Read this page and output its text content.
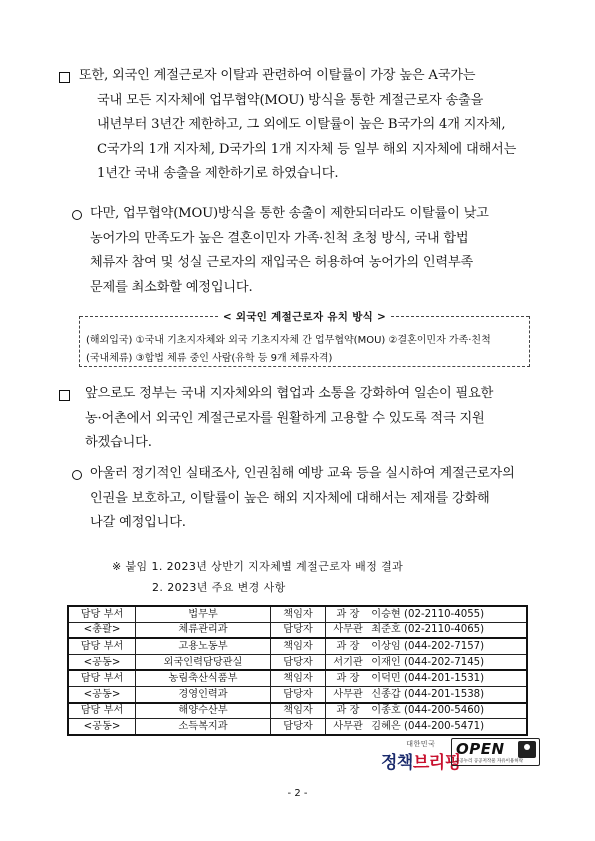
또한, 외국인 계절근로자 이탈과 관련하여 이탈률이 가장 높은 A국가는

국내 모든 지자체에 업무협약(MOU) 방식을 통한 계절근로자 송출을

내년부터 3년간 제한하고, 그 외에도 이탈률이 높은 B국가의 4개 지자체,

C국가의 1개 지자체, D국가의 1개 지자체 등 일부 해외 지자체에 대해서는

1년간 국내 송출을 제한하기로 하였습니다.

다만, 업무협약(MOU)방식을 통한 송출이 제한되더라도 이탈률이 낮고

농어가의 만족도가 높은 결혼이민자 가족·친척 초청 방식, 국내 합법

체류자 참여 및 성실 근로자의 재입국은 허용하여 농어가의 인력부족

문제를 최소화할 예정입니다.

< 외국인 계절근로자 유치 방식 >
(해외입국) ①국내 기초지자체와 외국 기초지자체 간 업무협약(MOU) ②결혼이민자 가족·친척
(국내체류) ③합법 체류 중인 사람(유학 등 9개 체류자격)

앞으로도 정부는 국내 지자체와의 협업과 소통을 강화하여 일손이 필요한

농·어촌에서 외국인 계절근로자를 원활하게 고용할 수 있도록 적극 지원

하겠습니다.

아울러 정기적인 실태조사, 인권침해 예방 교육 등을 실시하여 계절근로자의

인권을 보호하고, 이탈률이 높은 해외 지자체에 대해서는 제재를 강화해

나갈 예정입니다.

※ 붙임 1. 2023년 상반기 지자체별 계절근로자 배정 결과
2. 2023년 주요 변경 사항
담당 부서	법무부	책임자	과 장 이승현 (02-2110-4055)
<총괄>	체류관리과	담당자	사무관 최준호 (02-2110-4065)
담당 부서	고용노동부	책임자	과 장 이상임 (044-202-7157)
<공동>	외국인력담당관실	담당자	서기관 이재인 (044-202-7145)
담당 부서	농림축산식품부	책임자	과 장 이덕민 (044-201-1531)
<공동>	경영인력과	담당자	사무관 신종갑 (044-201-1538)
담당 부서	해양수산부	책임자	과 장 이종호 (044-200-5460)
<공동>	소득복지과	담당자	사무관 김혜은 (044-200-5471)
대한민국
정책브리핑
OPEN
공공누리 공공저작물 자유이용허락
- 2 -
